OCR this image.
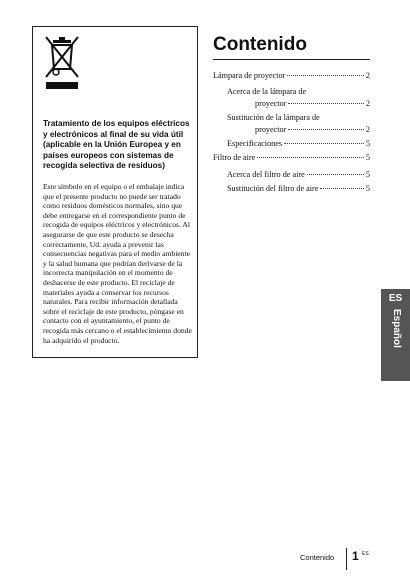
Tratamiento de los equipos eléctricos y electrónicos al final de su vida útil (aplicable en la Unión Europea y en países europeos con sistemas de recogida selectiva de residuos)

Este símbolo en el equipo o el embalaje indica que el presente producto no puede ser tratado como residuos domésticos normales, sino que debe entregarse en el correspondiente punto de recogida de equipos eléctricos y electrónicos. Al asegurarse de que este producto se desecha correctamente, Ud. ayuda a prevenir las consecuencias negativas para el medio ambiente y la salud humana que podrían derivarse de la incorrecta manipulación en el momento de deshacerse de este producto. El reciclaje de materiales ayuda a conservar los recursos naturales. Para recibir información detallada sobre el reciclaje de este producto, póngase en contacto con el ayuntamiento, el punto de recogida más cercano o el establecimiento donde ha adquirido el producto.

Contenido
Lámpara de proyector	2
Acerca de la lámpara de
proyector	2
Sustitución de la lámpara de
proyector	2
Especificaciones	5
Filtro de aire	5
Acerca del filtro de aire	5
Sustitución del filtro de aire	5
ES
Español
Contenido 1 ES
